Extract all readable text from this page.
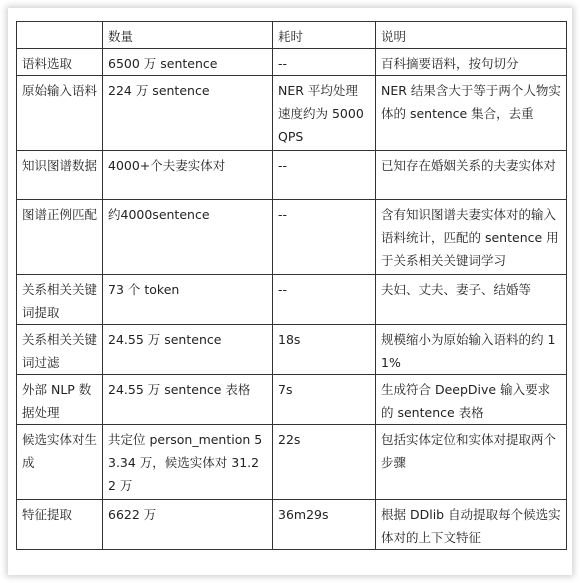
	数量	耗时	说明
语料选取	6500 万 sentence	--	百科摘要语料，按句切分
原始输入语料	224 万 sentence	NER 平均处理速度约为 5000QPS	NER 结果含大于等于两个人物实体的 sentence 集合，去重
知识图谱数据	4000+个夫妻实体对	--	已知存在婚姻关系的夫妻实体对
图谱正例匹配	约4000sentence	--	含有知识图谱夫妻实体对的输入语料统计，匹配的 sentence 用于关系相关关键词学习
关系相关关键词提取	73 个 token	--	夫妇、丈夫、妻子、结婚等
关系相关关键词过滤	24.55 万 sentence	18s	规模缩小为原始输入语料的约 11%
外部 NLP 数据处理	24.55 万 sentence 表格	7s	生成符合 DeepDive 输入要求的 sentence 表格
候选实体对生成	共定位 person_mention 53.34 万，候选实体对 31.22 万	22s	包括实体定位和实体对提取两个步骤
特征提取	6622 万	36m29s	根据 DDlib 自动提取每个候选实体对的上下文特征
